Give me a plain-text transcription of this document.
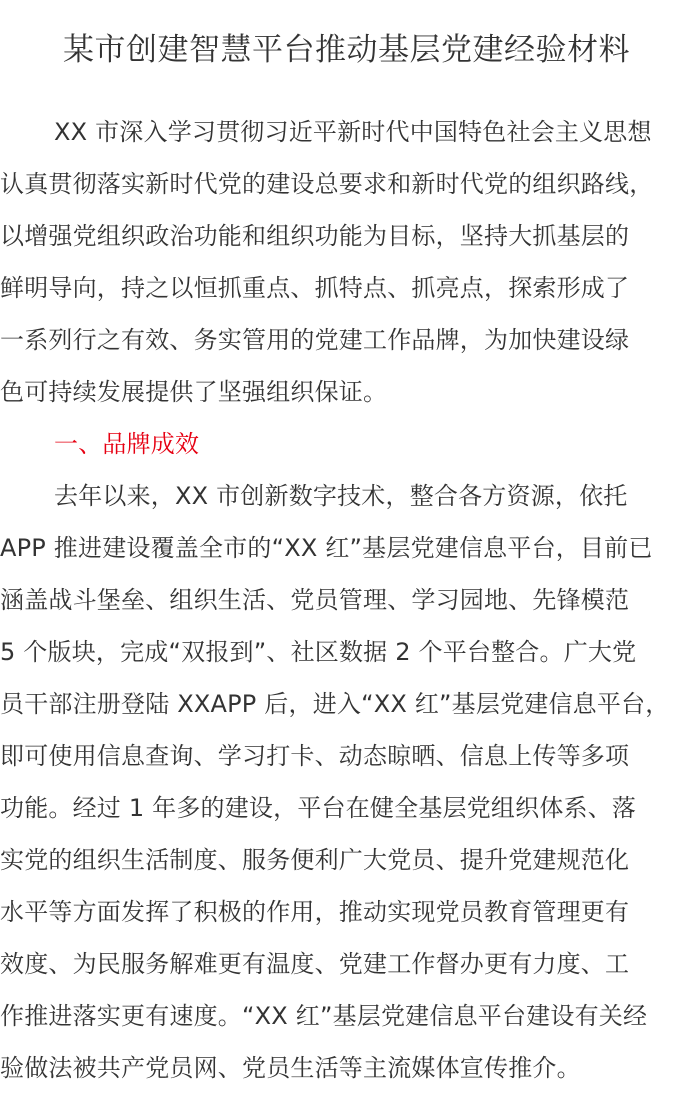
某市创建智慧平台推动基层党建经验材料
XX 市深入学习贯彻习近平新时代中国特色社会主义思想
认真贯彻落实新时代党的建设总要求和新时代党的组织路线，
以增强党组织政治功能和组织功能为目标，坚持大抓基层的
鲜明导向，持之以恒抓重点、抓特点、抓亮点，探索形成了
一系列行之有效、务实管用的党建工作品牌，为加快建设绿
色可持续发展提供了坚强组织保证。
一、品牌成效
去年以来，XX 市创新数字技术，整合各方资源，依托
APP 推进建设覆盖全市的“XX 红”基层党建信息平台，目前已
涵盖战斗堡垒、组织生活、党员管理、学习园地、先锋模范
5 个版块，完成“双报到”、社区数据 2 个平台整合。广大党
员干部注册登陆 XXAPP 后，进入“XX 红”基层党建信息平台，
即可使用信息查询、学习打卡、动态晾晒、信息上传等多项
功能。经过 1 年多的建设，平台在健全基层党组织体系、落
实党的组织生活制度、服务便利广大党员、提升党建规范化
水平等方面发挥了积极的作用，推动实现党员教育管理更有
效度、为民服务解难更有温度、党建工作督办更有力度、工
作推进落实更有速度。“XX 红”基层党建信息平台建设有关经
验做法被共产党员网、党员生活等主流媒体宣传推介。
